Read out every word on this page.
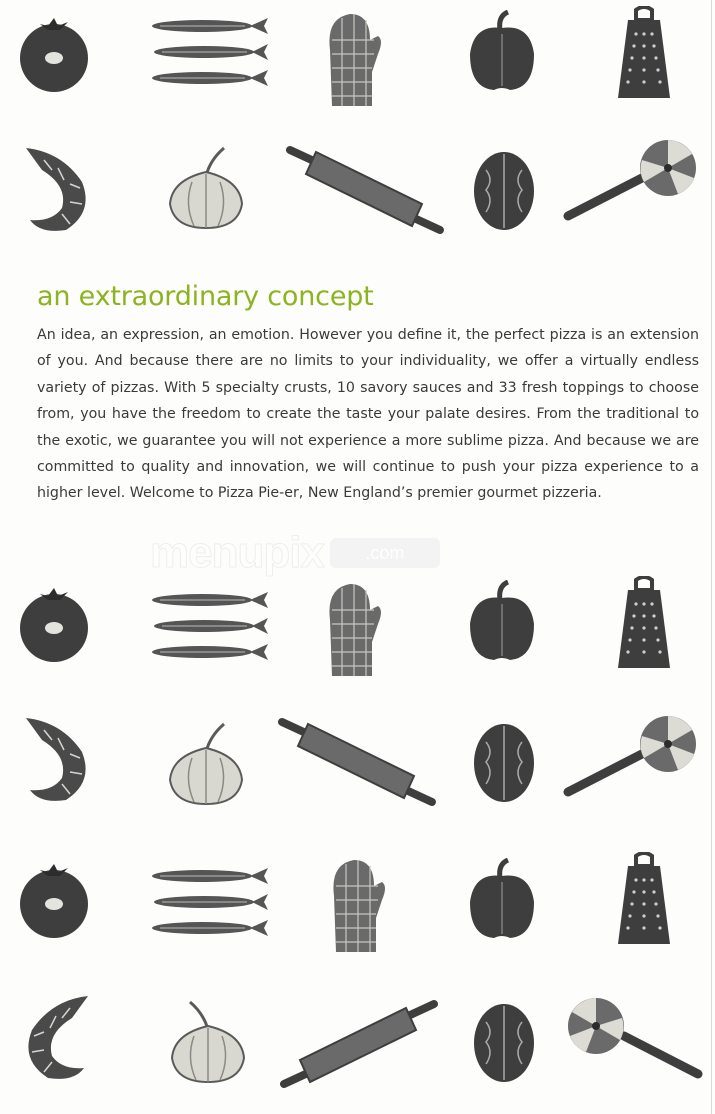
an extraordinary concept

An idea, an expression, an emotion. However you define it, the perfect pizza is an extension of you. And because there are no limits to your individuality, we offer a virtually endless variety of pizzas. With 5 specialty crusts, 10 savory sauces and 33 fresh toppings to choose from, you have the freedom to create the taste your palate desires. From the traditional to the exotic, we guarantee you will not experience a more sublime pizza. And because we are committed to quality and innovation, we will continue to push your pizza experience to a higher level. Welcome to Pizza Pie-er, New England’s premier gourmet pizzeria.

menupix	.com
